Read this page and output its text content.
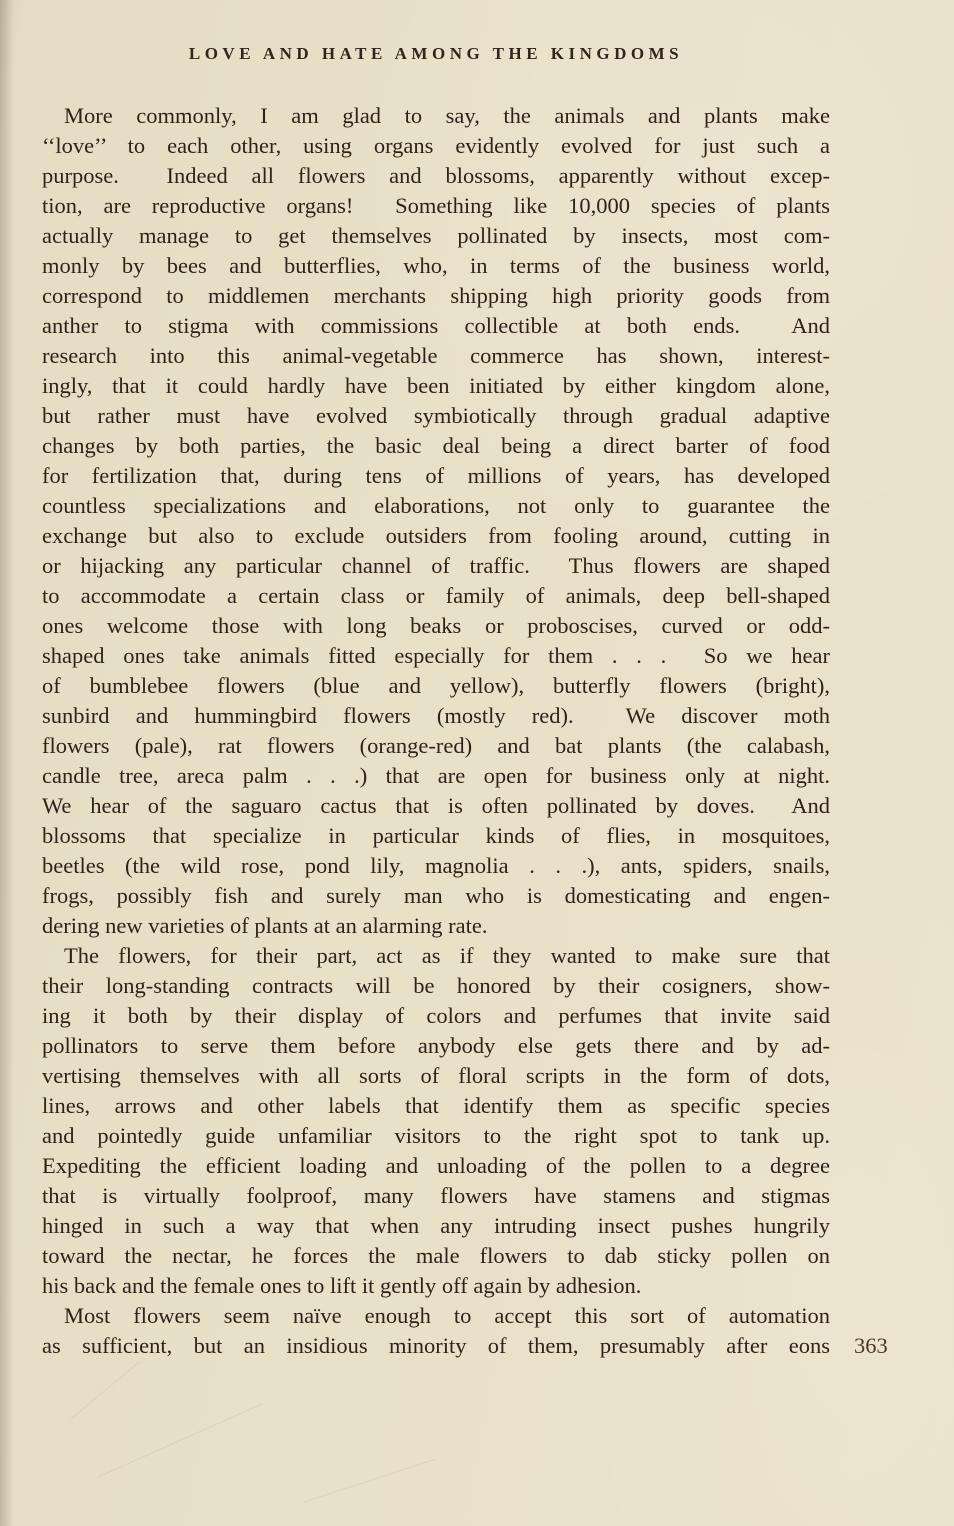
LOVE AND HATE AMONG THE KINGDOMS
More commonly, I am glad to say, the animals and plants make
‘‘love’’ to each other, using organs evidently evolved for just such a
purpose.  Indeed all flowers and blossoms, apparently without excep-
tion, are reproductive organs!  Something like 10,000 species of plants
actually manage to get themselves pollinated by insects, most com-
monly by bees and butterflies, who, in terms of the business world,
correspond to middlemen merchants shipping high priority goods from
anther to stigma with commissions collectible at both ends.  And
research into this animal-vegetable commerce has shown, interest-
ingly, that it could hardly have been initiated by either kingdom alone,
but rather must have evolved symbiotically through gradual adaptive
changes by both parties, the basic deal being a direct barter of food
for fertilization that, during tens of millions of years, has developed
countless specializations and elaborations, not only to guarantee the
exchange but also to exclude outsiders from fooling around, cutting in
or hijacking any particular channel of traffic.  Thus flowers are shaped
to accommodate a certain class or family of animals, deep bell-shaped
ones welcome those with long beaks or proboscises, curved or odd-
shaped ones take animals fitted especially for them . . .  So we hear
of bumblebee flowers (blue and yellow), butterfly flowers (bright),
sunbird and hummingbird flowers (mostly red).  We discover moth
flowers (pale), rat flowers (orange-red) and bat plants (the calabash,
candle tree, areca palm . . .) that are open for business only at night.
We hear of the saguaro cactus that is often pollinated by doves.  And
blossoms that specialize in particular kinds of flies, in mosquitoes,
beetles (the wild rose, pond lily, magnolia . . .), ants, spiders, snails,
frogs, possibly fish and surely man who is domesticating and engen-
dering new varieties of plants at an alarming rate.
The flowers, for their part, act as if they wanted to make sure that
their long-standing contracts will be honored by their cosigners, show-
ing it both by their display of colors and perfumes that invite said
pollinators to serve them before anybody else gets there and by ad-
vertising themselves with all sorts of floral scripts in the form of dots,
lines, arrows and other labels that identify them as specific species
and pointedly guide unfamiliar visitors to the right spot to tank up.
Expediting the efficient loading and unloading of the pollen to a degree
that is virtually foolproof, many flowers have stamens and stigmas
hinged in such a way that when any intruding insect pushes hungrily
toward the nectar, he forces the male flowers to dab sticky pollen on
his back and the female ones to lift it gently off again by adhesion.
Most flowers seem naïve enough to accept this sort of automation
as sufficient, but an insidious minority of them, presumably after eons 363
